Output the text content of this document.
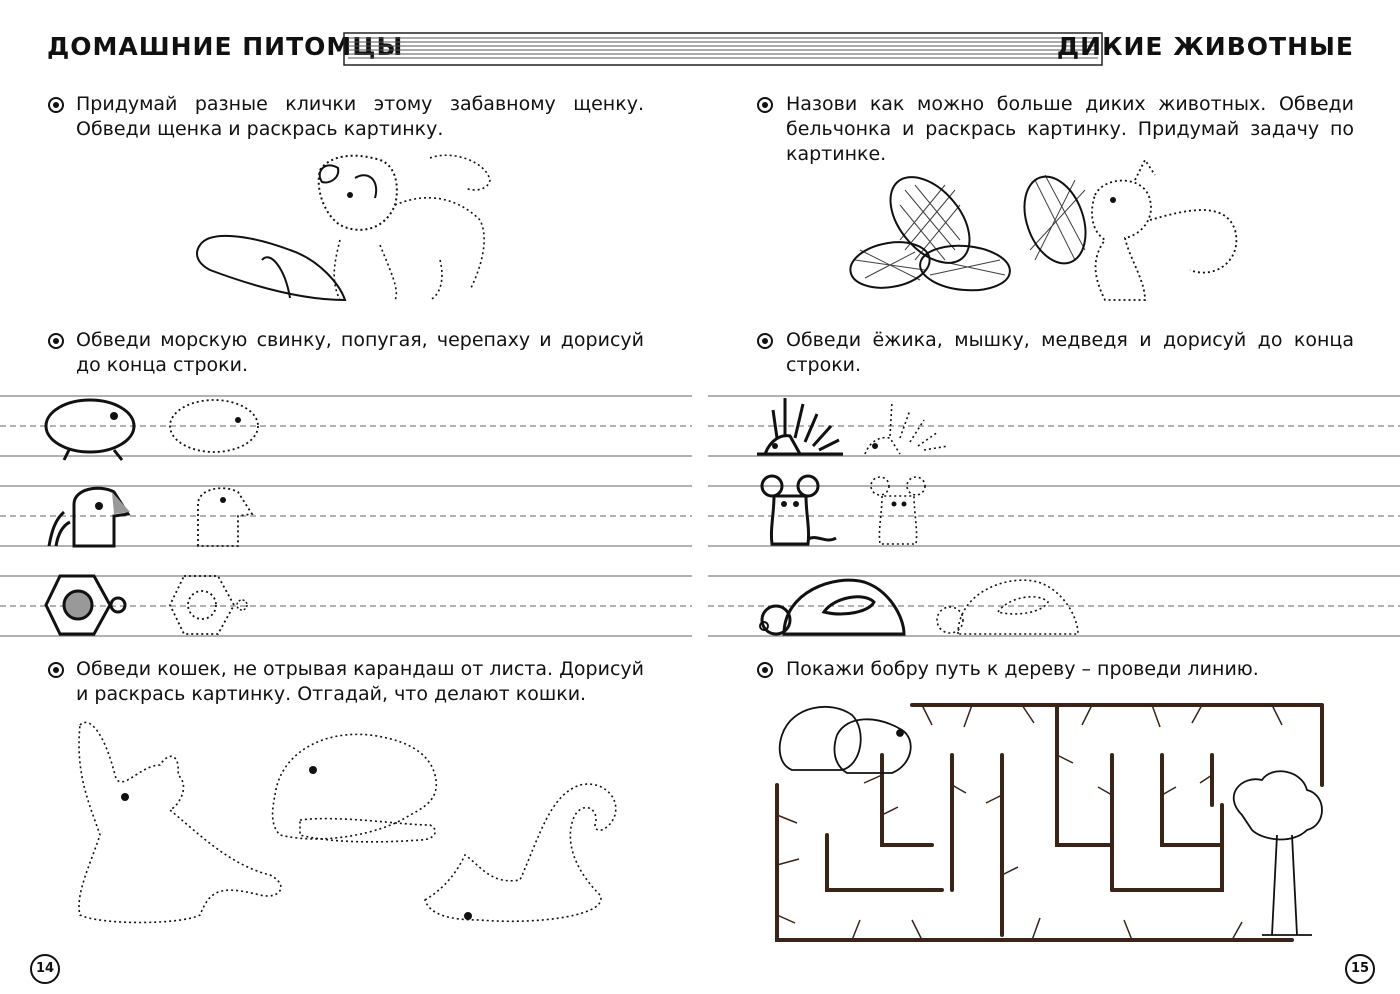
ДОМАШНИЕ ПИТОМЦЫ	ДИКИЕ ЖИВОТНЫЕ
Придумай разные клички этому забавному щенку. Обведи щенка и раскрась картинку.
Обведи морскую свинку, попугая, черепаху и дорисуй до конца строки.
Обведи кошек, не отрывая карандаш от листа. Дорисуй и раскрась картинку. Отгадай, что делают кошки.
14
Назови как можно больше диких животных. Обведи бельчонка и раскрась картинку. Придумай задачу по картинке.
Обведи ёжика, мышку, медведя и дорисуй до конца строки.
Покажи бобру путь к дереву – проведи линию.
15
